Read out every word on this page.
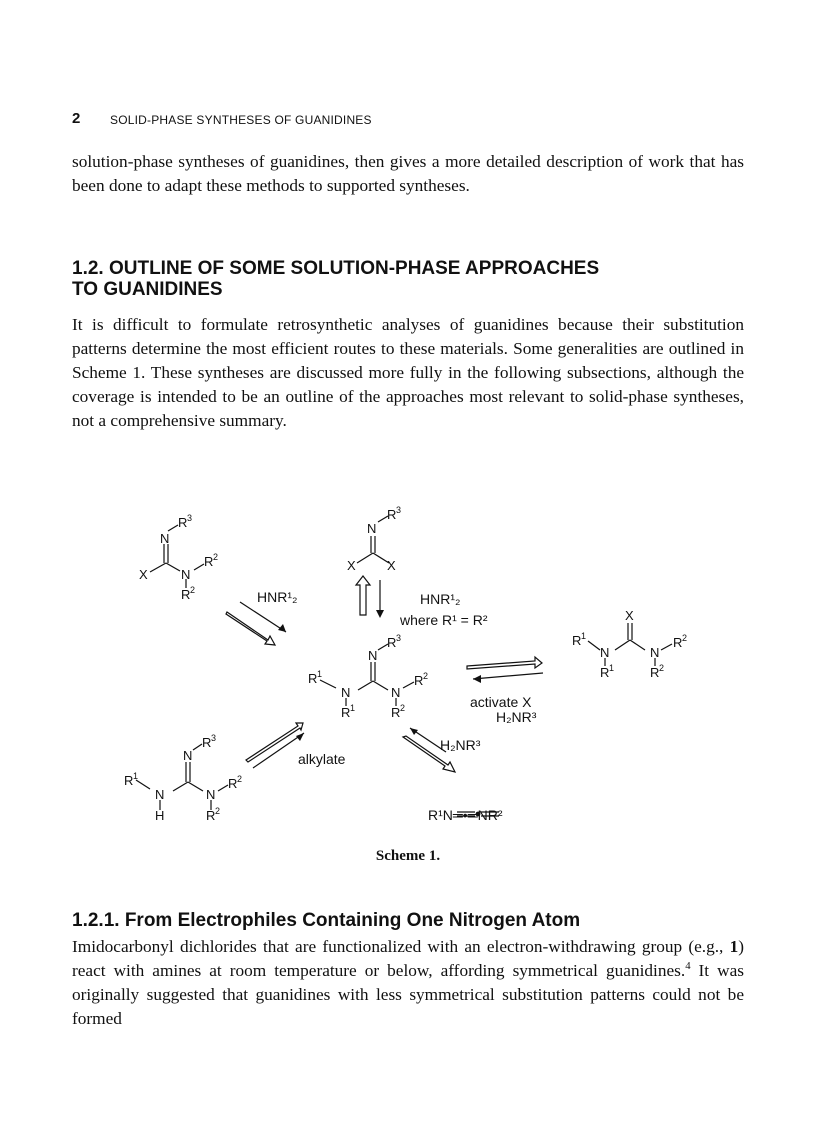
2 SOLID-PHASE SYNTHESES OF GUANIDINES

solution-phase syntheses of guanidines, then gives a more detailed description of work that has been done to adapt these methods to supported syntheses.

1.2. OUTLINE OF SOME SOLUTION-PHASE APPROACHES
TO GUANIDINES

It is difficult to formulate retrosynthetic analyses of guanidines because their substitution patterns determine the most efficient routes to these materials. Some generalities are outlined in Scheme 1. These syntheses are discussed more fully in the following subsections, although the coverage is intended to be an outline of the approaches most relevant to solid-phase syntheses, not a comprehensive summary.

N
R 3
X	N
R 2
R 2
N
R 3
X X
N
R 3
R 1
N	N
R 2
R 1	R 2
X
R 1
N	N
R 2
R 1	R 2
N
R 3
R 1
N	N
R 2
H	R 2
HNR¹₂	HNR¹₂
where R¹ = R²
activate X
H₂NR³
H₂NR³
alkylate
R¹N═•═NR²
Scheme 1.
1.2.1. From Electrophiles Containing One Nitrogen Atom

Imidocarbonyl dichlorides that are functionalized with an electron-withdrawing group (e.g., 1) react with amines at room temperature or below, affording symmetrical guanidines.$^4$ It was originally suggested that guanidines with less symmetrical substitution patterns could not be formed
